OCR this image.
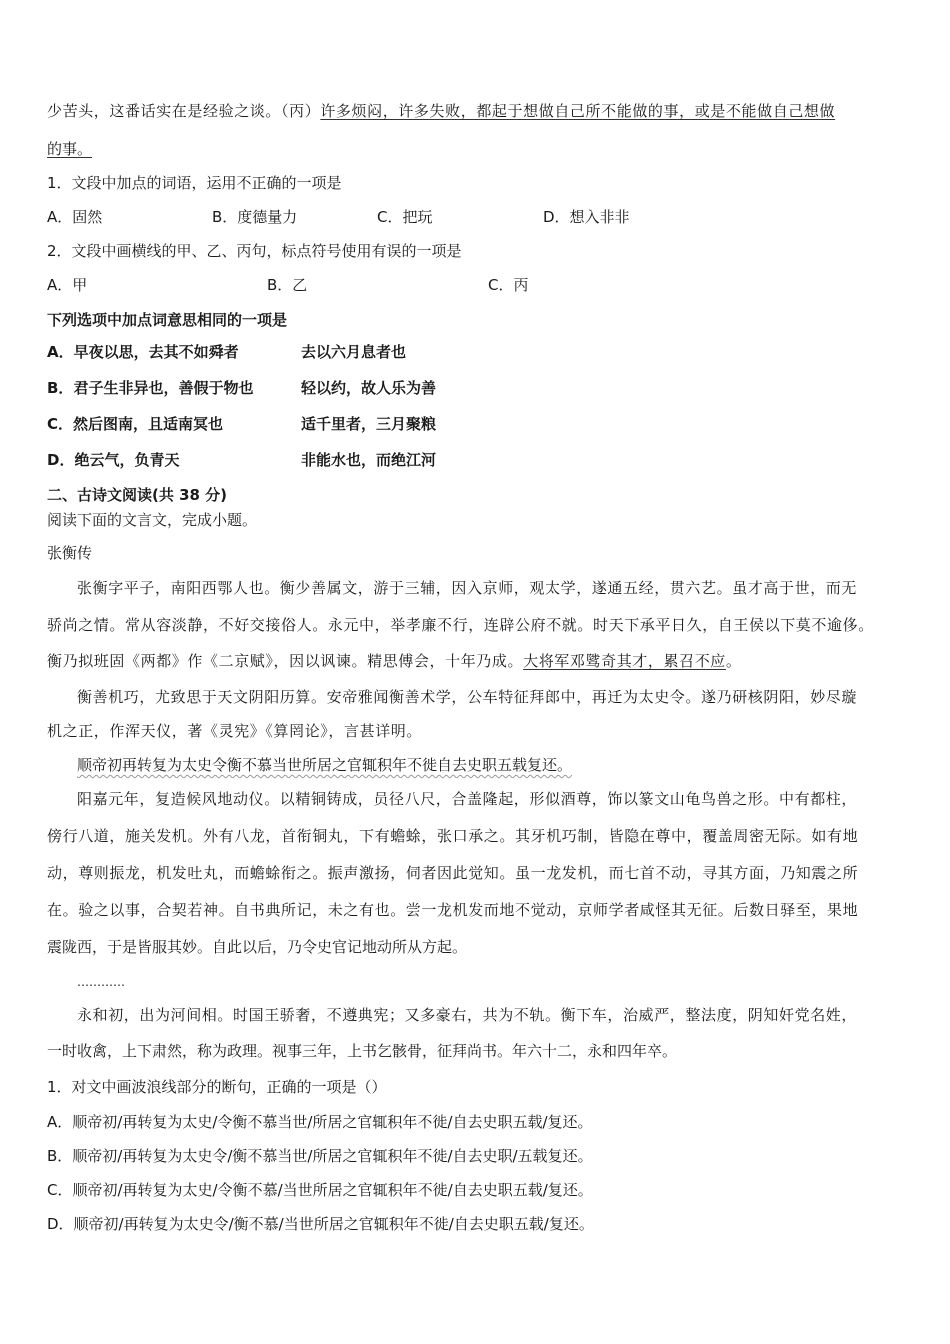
少苦头，这番话实在是经验之谈。（丙）许多烦闷，许多失败，都起于想做自己所不能做的事，或是不能做自己想做
的事。
1．文段中加点的词语，运用不正确的一项是
A．固然	B．度德量力	C．把玩	D．想入非非
2．文段中画横线的甲、乙、丙句，标点符号使用有误的一项是
A．甲	B．乙	C．丙
下列选项中加点词意思相同的一项是
A．早夜以思，去其不如舜者	去以六月息者也
B．君子生非异也，善假于物也	轻以约，故人乐为善
C．然后图南，且适南冥也	适千里者，三月聚粮
D．绝云气，负青天	非能水也，而绝江河
二、古诗文阅读(共 38 分)
阅读下面的文言文，完成小题。
张衡传
张衡字平子，南阳西鄂人也。衡少善属文，游于三辅，因入京师，观太学，遂通五经，贯六艺。虽才高于世，而无
骄尚之情。常从容淡静，不好交接俗人。永元中，举孝廉不行，连辟公府不就。时天下承平日久，自王侯以下莫不逾侈。
衡乃拟班固《两都》作《二京赋》，因以讽谏。精思傅会，十年乃成。大将军邓骘奇其才，累召不应。
衡善机巧，尤致思于天文阴阳历算。安帝雅闻衡善术学，公车特征拜郎中，再迁为太史令。遂乃研核阴阳，妙尽璇
机之正，作浑天仪，著《灵宪》《算罔论》，言甚详明。
顺帝初再转复为太史令衡不慕当世所居之官辄积年不徙自去史职五载复还。
阳嘉元年，复造候风地动仪。以精铜铸成，员径八尺，合盖隆起，形似酒尊，饰以篆文山龟鸟兽之形。中有都柱，
傍行八道，施关发机。外有八龙，首衔铜丸，下有蟾蜍，张口承之。其牙机巧制，皆隐在尊中，覆盖周密无际。如有地
动，尊则振龙，机发吐丸，而蟾蜍衔之。振声激扬，伺者因此觉知。虽一龙发机，而七首不动，寻其方面，乃知震之所
在。验之以事，合契若神。自书典所记，未之有也。尝一龙机发而地不觉动，京师学者咸怪其无征。后数日驿至，果地
震陇西，于是皆服其妙。自此以后，乃令史官记地动所从方起。
…………
永和初，出为河间相。时国王骄奢，不遵典宪；又多豪右，共为不轨。衡下车，治威严，整法度，阴知奸党名姓，
一时收禽，上下肃然，称为政理。视事三年，上书乞骸骨，征拜尚书。年六十二，永和四年卒。
1．对文中画波浪线部分的断句，正确的一项是（）
A．顺帝初/再转复为太史/令衡不慕当世/所居之官辄积年不徙/自去史职五载/复还。
B．顺帝初/再转复为太史令/衡不慕当世/所居之官辄积年不徙/自去史职/五载复还。
C．顺帝初/再转复为太史/令衡不慕/当世所居之官辄积年不徙/自去史职五载/复还。
D．顺帝初/再转复为太史令/衡不慕/当世所居之官辄积年不徙/自去史职五载/复还。
